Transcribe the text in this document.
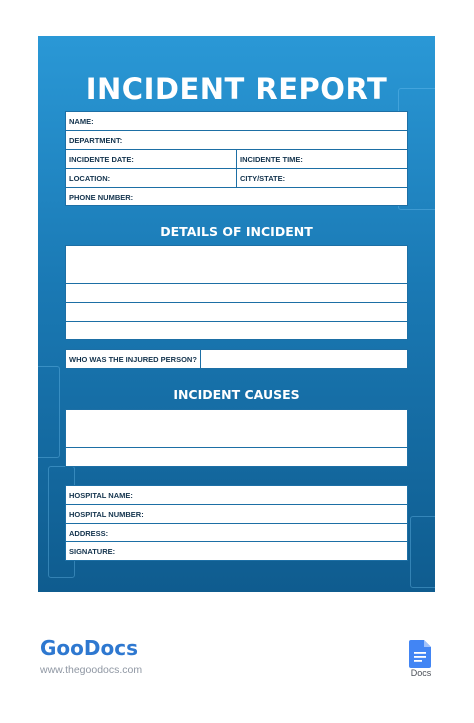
INCIDENT REPORT
NAME:
DEPARTMENT:
INCIDENTE DATE:	INCIDENTE TIME:
LOCATION:	CITY/STATE:
PHONE NUMBER:
DETAILS OF INCIDENT
WHO WAS THE INJURED PERSON?
INCIDENT CAUSES
HOSPITAL NAME:
HOSPITAL NUMBER:
ADDRESS:
SIGNATURE:
GooDocs
www.thegoodocs.com	Docs
